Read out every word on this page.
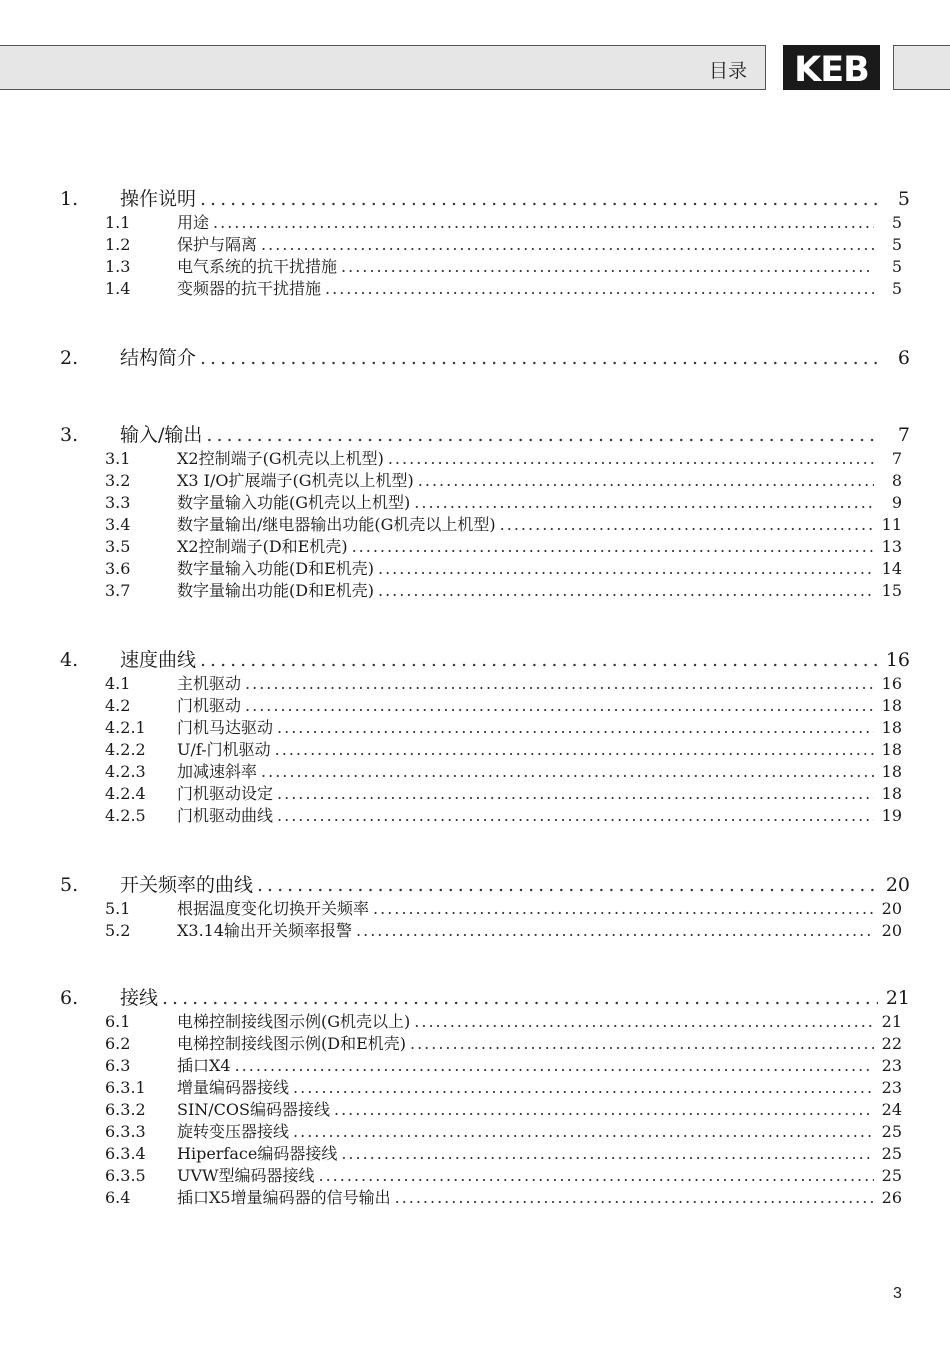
目录 KEB
1.	操作说明 .....	5
1.1	用途 .....	5
1.2	保护与隔离 .....	5
1.3	电气系统的抗干扰措施 .....	5
1.4	变频器的抗干扰措施 .....	5
2.	结构简介 .....	6
3.	输入/输出 .....	7
3.1	X2控制端子(G机壳以上机型) .....	7
3.2	X3 I/O扩展端子(G机壳以上机型) .....	8
3.3	数字量输入功能(G机壳以上机型) .....	9
3.4	数字量输出/继电器输出功能(G机壳以上机型) .....	11
3.5	X2控制端子(D和E机壳) .....	13
3.6	数字量输入功能(D和E机壳) .....	14
3.7	数字量输出功能(D和E机壳) .....	15
4.	速度曲线 .....	16
4.1	主机驱动 .....	16
4.2	门机驱动 .....	18
4.2.1	门机马达驱动 .....	18
4.2.2	U/f-门机驱动 .....	18
4.2.3	加减速斜率 .....	18
4.2.4	门机驱动设定 .....	18
4.2.5	门机驱动曲线 .....	19
5.	开关频率的曲线 .....	20
5.1	根据温度变化切换开关频率 .....	20
5.2	X3.14输出开关频率报警 .....	20
6.	接线 .....	21
6.1	电梯控制接线图示例(G机壳以上) .....	21
6.2	电梯控制接线图示例(D和E机壳) .....	22
6.3	插口X4 .....	23
6.3.1	增量编码器接线 .....	23
6.3.2	SIN/COS编码器接线 .....	24
6.3.3	旋转变压器接线 .....	25
6.3.4	Hiperface编码器接线 .....	25
6.3.5	UVW型编码器接线 .....	25
6.4	插口X5增量编码器的信号输出 .....	26
3
